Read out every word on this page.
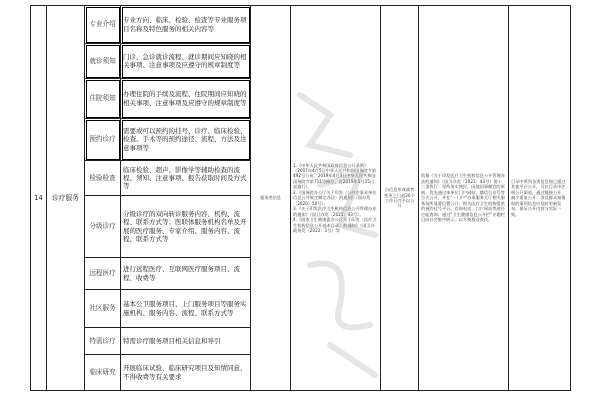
14	诊疗服务	专业介绍	专业方向、临床、检验、检查等专业服务项目名称及特色服务的相关内容等	服务类信息	1.《中华人民共和国政府信息公开条例》（2007年4月5日中华人民共和国国务院令第492号公布，2019年4月3日中华人民共和国国务院令第711号修订，自2019年5月15日起施行）。
2.《国务院办公厅关于印发〈公共企事业单位信息公开规定制定办法〉的通知》（国办发〔2020〕50号）。
3.《关于印发医疗卫生机构信息公开管理办法的通知》（国卫办发〔2021〕43号）。
4.《国家卫生健康委办公厅关于印发〈医疗卫生机构信息公开基本目录〉的通知》（国卫办政务发〔2022〕1号）等	自信息形成或者变更之日起20个工作日内予以公开	依据《关于印发医疗卫生机构信息公开管理办法的通知》（国卫办发〔2021〕43号）第十三条执行：坚持务实便民，因地因事制宜的原则，优先通过本单位门户网站、微信公众号等方式公开，并在“一门户”办事服务大厅相关服务场所显著位置公开；相关医疗卫生机构提供的预约挂号平台、咨询电话、门户网站等途径应能查询；通过“卫生健康信息公开栏”专题栏目向社会集中展示、以方便群众查找。	目录中所列各类信息如已通过其他平台公开，可在目录中注明公开渠道，通过链接公开，减少重复公开；涉及群众知情权的事项信息应及时更新发布，保证公开内容与实际一致。
		就诊须知	门诊、急诊就诊流程、就诊期间应知晓的相关事项、注意事项及应遵守的规章制度等					
		住院须知	办理住院的手续及流程、住院期间应知晓的相关事项、注意事项及应遵守的规章制度等					
		预约诊疗	需要或可以预约的挂号、诊疗、临床检验、检查、手术等的预约途径、流程、方法及注意事项等					
		检验检查	临床检验、超声、影像学等辅助检查的流程、须知、注意事项、报告获取时间及方式等					
		分级诊疗	分级诊疗的双向转诊服务内容、机构、流程、联系方式等；医联体服务机构名单及开展的医疗服务、专家介绍、服务内容、流程、联系方式等					
		远程医疗	进行远程医疗、互联网医疗服务项目、流程、收费等					
		社区服务	基本公卫服务项目、上门服务项目等服务实施机构、服务内容、流程、联系方式等					
		特需诊疗	特需诊疗服务项目相关信息和导引					
		临床研究	开展临床试验、临床研究项目及知情同意、不得收费等有关要求					
